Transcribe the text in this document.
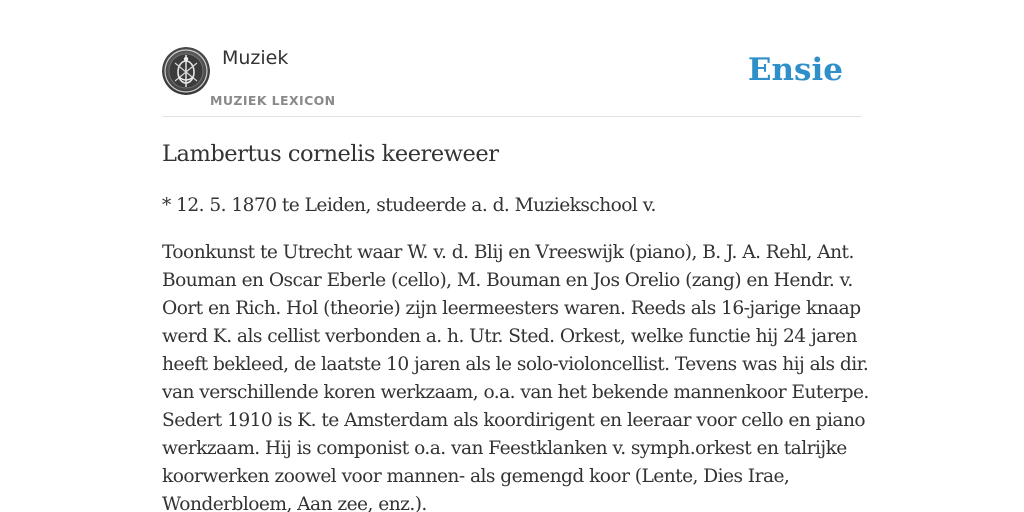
Muziek
MUZIEK LEXICON
Ensie
Lambertus cornelis keereweer

* 12. 5. 1870 te Leiden, studeerde a. d. Muziekschool v.

Toonkunst te Utrecht waar W. v. d. Blij en Vreeswijk (piano), B. J. A. Rehl, Ant.
Bouman en Oscar Eberle (cello), M. Bouman en Jos Orelio (zang) en Hendr. v.
Oort en Rich. Hol (theorie) zijn leermeesters waren. Reeds als 16-jarige knaap
werd K. als cellist verbonden a. h. Utr. Sted. Orkest, welke functie hij 24 jaren
heeft bekleed, de laatste 10 jaren als le solo-violoncellist. Tevens was hij als dir.
van verschillende koren werkzaam, o.a. van het bekende mannenkoor Euterpe.
Sedert 1910 is K. te Amsterdam als koordirigent en leeraar voor cello en piano
werkzaam. Hij is componist o.a. van Feestklanken v. symph.orkest en talrijke
koorwerken zoowel voor mannen- als gemengd koor (Lente, Dies Irae,
Wonderbloem, Aan zee, enz.).
